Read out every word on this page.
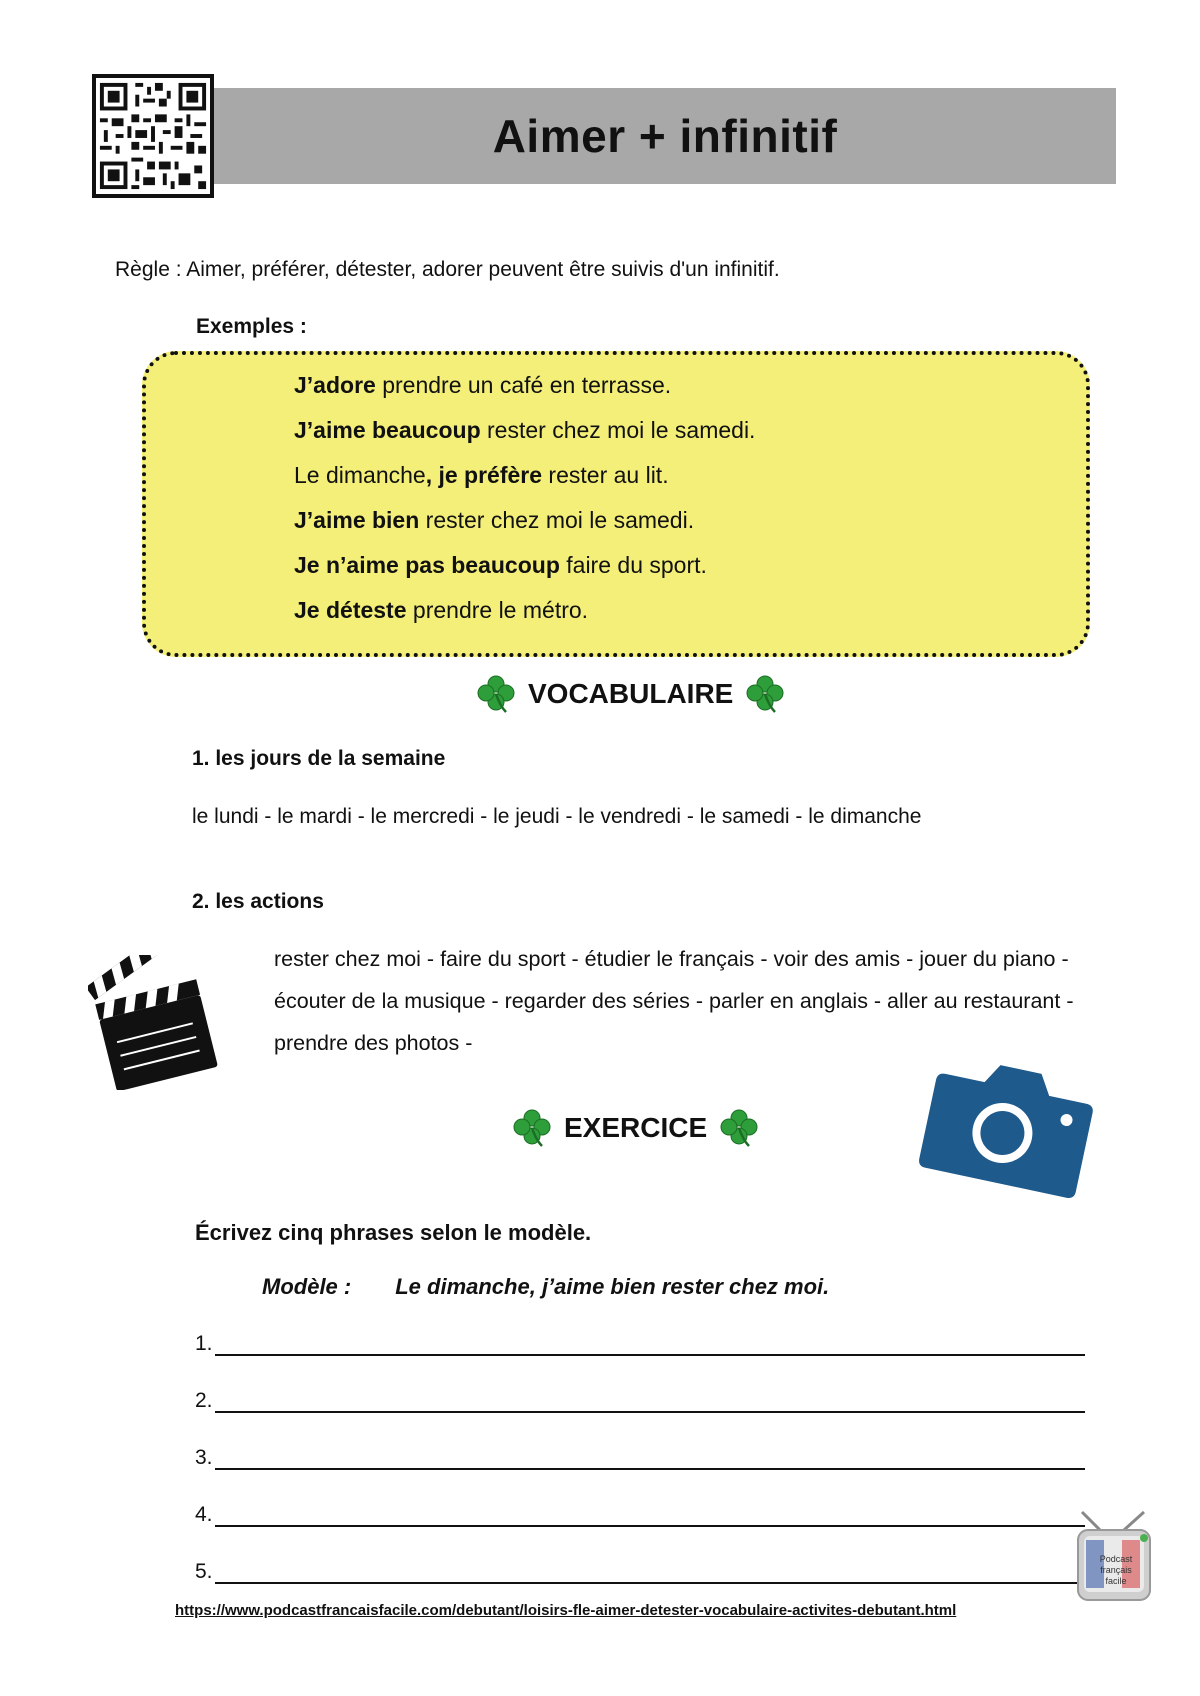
Aimer + infinitif
Règle : Aimer, préférer, détester, adorer peuvent être suivis d'un infinitif.
Exemples :
J’adore prendre un café en terrasse.
J’aime beaucoup rester chez moi le samedi.
Le dimanche, je préfère rester au lit.
J’aime bien rester chez moi le samedi.
Je n’aime pas beaucoup faire du sport.
Je déteste prendre le métro.
VOCABULAIRE
1. les jours de la semaine
le lundi - le mardi - le mercredi - le jeudi - le vendredi - le samedi - le dimanche
2. les actions
rester chez moi - faire du sport - étudier le français - voir des amis - jouer du piano - écouter de la musique - regarder des séries - parler en anglais - aller au restaurant - prendre des photos -
EXERCICE
Écrivez cinq phrases selon le modèle.
Modèle : Le dimanche, j’aime bien rester chez moi.
1.
2.
3.
4.
5.
Podcast français facile
https://www.podcastfrancaisfacile.com/debutant/loisirs-fle-aimer-detester-vocabulaire-activites-debutant.html
